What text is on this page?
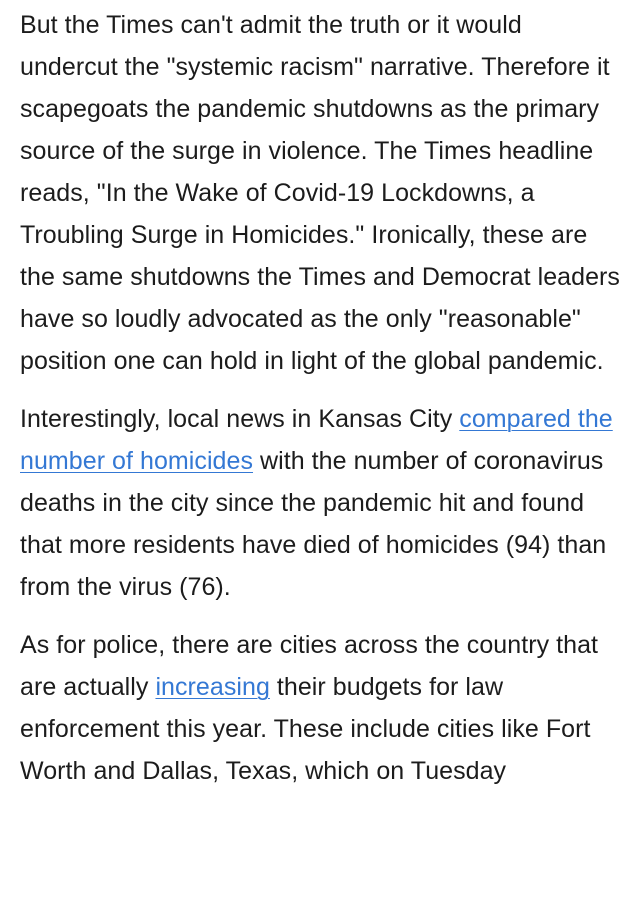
But the Times can't admit the truth or it would undercut the "systemic racism" narrative. Therefore it scapegoats the pandemic shutdowns as the primary source of the surge in violence. The Times headline reads, "In the Wake of Covid-19 Lockdowns, a Troubling Surge in Homicides." Ironically, these are the same shutdowns the Times and Democrat leaders have so loudly advocated as the only "reasonable" position one can hold in light of the global pandemic.

Interestingly, local news in Kansas City compared the number of homicides with the number of coronavirus deaths in the city since the pandemic hit and found that more residents have died of homicides (94) than from the virus (76).

As for police, there are cities across the country that are actually increasing their budgets for law enforcement this year. These include cities like Fort Worth and Dallas, Texas, which on Tuesday
